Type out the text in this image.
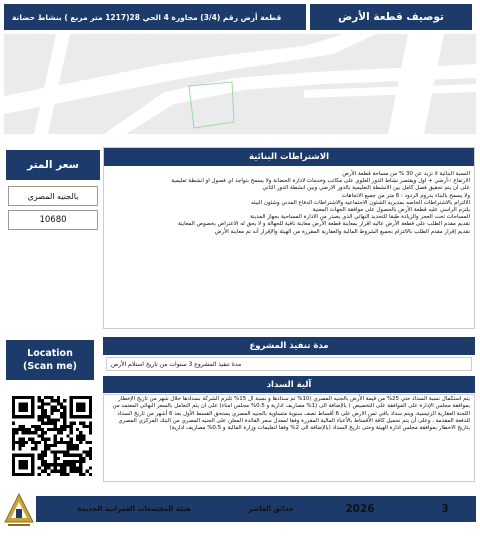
توصيف قطعة الأرض
قطعة أرض رقم (3/4) مجاورة 4 الحي 28(1217 متر مربع ) بنشاط حضانة
سعر المتر
بالجنيه المصري
10680
الاشتراطات البنائية

النسبة البنائية لا تزيد عن 30 % من مساحة قطعة الأرض

الارتفاع :-أرضي + اول ويقتصر نشاط الدور العلوي على مكاتب وخدمات لادارة الحضانة ولا يسمح بتواجد اي فصول او انشطة تعليمية

على ان يتم تحقيق فصل كامل بين الانشطة التعليمية بالدور الارضي وبين انشطة الدور الثاني

ولا يسمح بالبناء بدروم الردود : 6 متر من جميع الاتجاهات

الالتزام بالاشتراطات الخاصه بمديريه الشئون الاجتماعيه والاشتراطات الدفاع المدني وشئون البيئه

يلتزم الراسي عليه قطعة الأرض بالحصول على موافقة الجهات المعنية

المساحات تحت العجز والزيادة طبقا للتحديد النهائي الذي يصدر من الادارة المساحية بجهاز المدينة

تقديم مقدم الطلب على قطعة الأرض عاليه اقرار بمعاينة قطعة الأرض معاينة نافية للجهالة و لا يحق له الاعتراض بخصوص المعاينة

تقديم إقرار مقدم الطلب بالالتزام بجميع الشروط المالية والعقارية المقررة من الهيئة والإقرار أنه تم معاينة الأرض

Location
(Scan me)
مدة تنفيذ المشروع
مدة تنفيذ المشروع 3 سنوات من تاريخ استلام الأرض
آلية السداد
يتم استكمال نسبة السداد حتي 25% من قيمة الأرض بالجنيه المصري (10% تم سدادها و نسبة ال 15% تلتزم الشركة بسدادها خلال شهر من تاريخ الإخطار بموافقة مجلس الإدارة على الموافقة على التخصيص ) بالإضافة الى (1% مصاريف ادارية و 0.5% مجلس امناء) على ان يتم التعامل بالسعر النهائي المعتمد من اللجنة العقارية الرئيسية، ويتم سداد باقي ثمن الارض على 6 أقساط نصف سنوية متساوية بالجنيه المصري يستحق القسط الأول بعد 6 أشهر من تاريخ السداد للدفعة المقدمة ، وعلى أن يتم تحميل كافة الأقساط بالأعباء المالية المقررة وفقا لمعدل سعر الفائدة المعلن على الجنيه المصري من البنك المركزي المصري بتاريخ الاخطار بموافقة مجلس ادارة الهيئة وحتى تاريخ السداد (بالإضافة الى 2% وفقا لتعليمات وزارة المالية و 0.5% مصاريف ادارية)
3
2026
حدائق العاشر
هيئة المجتمعات العمرانية الجديدة
